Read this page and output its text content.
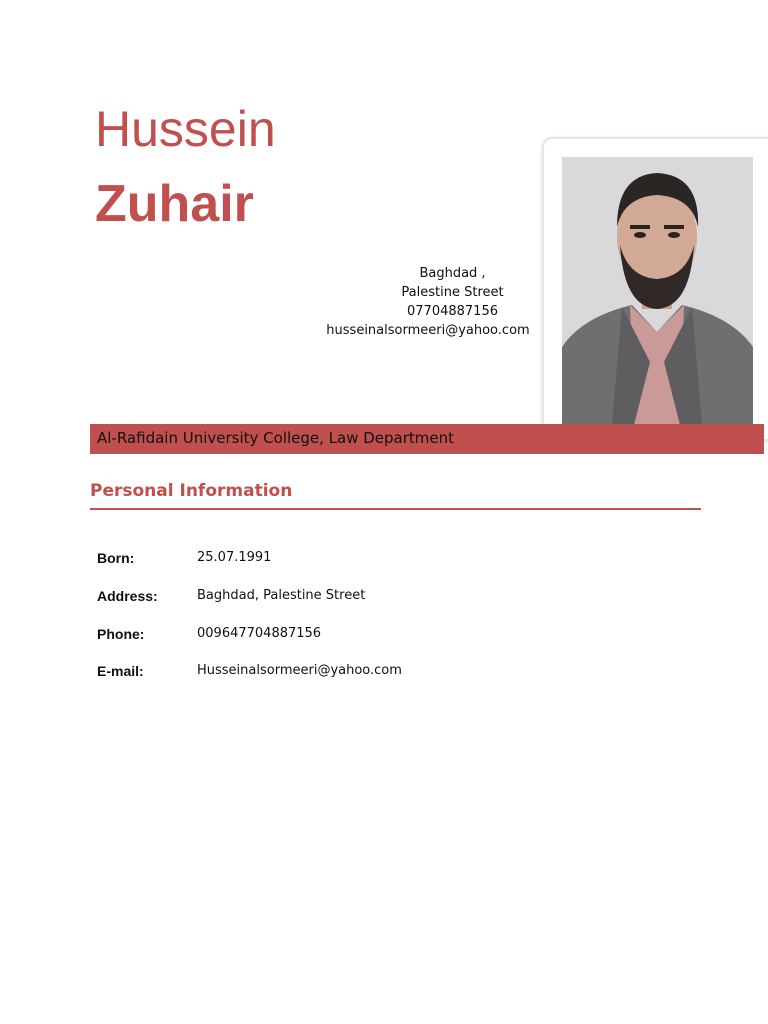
Hussein
Zuhair
Baghdad ,
Palestine Street
07704887156
husseinalsormeeri@yahoo.com
Al-Rafidain University College, Law Department
Personal Information
Born:	25.07.1991
Address:	Baghdad, Palestine Street
Phone:	009647704887156
E-mail:	Husseinalsormeeri@yahoo.com
